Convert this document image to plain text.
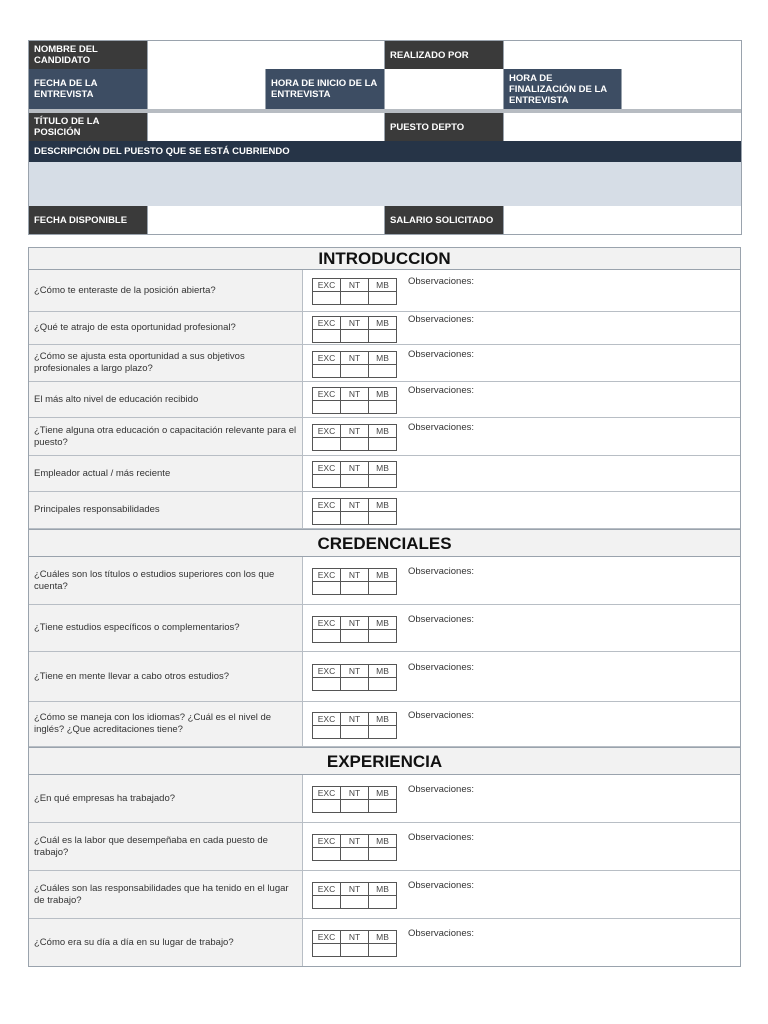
NOMBRE DEL CANDIDATO	REALIZADO POR
FECHA DE LA ENTREVISTA
HORA DE INICIO DE LA ENTREVISTA
HORA DE FINALIZACIÓN DE LA ENTREVISTA
TÍTULO DE LA POSICIÓN	PUESTO DEPTO
DESCRIPCIÓN DEL PUESTO QUE SE ESTÁ CUBRIENDO
FECHA DISPONIBLE	SALARIO SOLICITADO
INTRODUCCION
¿Cómo te enteraste de la posición abierta?	EXC	NT	MB
		Observaciones:
¿Qué te atrajo de esta oportunidad profesional?	EXC	NT	MB
		Observaciones:
¿Cómo se ajusta esta oportunidad a sus objetivos profesionales a largo plazo?
EXC	NT	MB
		Observaciones:
El más alto nivel de educación recibido	EXC	NT	MB
		Observaciones:
¿Tiene alguna otra educación o capacitación relevante para el puesto?
EXC	NT	MB
		Observaciones:
Empleador actual / más reciente	EXC	NT	MB

Principales responsabilidades	EXC	NT	MB

CREDENCIALES
¿Cuáles son los títulos o estudios superiores con los que cuenta?
EXC	NT	MB
		Observaciones:
¿Tiene estudios específicos o complementarios?	EXC	NT	MB
		Observaciones:
¿Tiene en mente llevar a cabo otros estudios?	EXC	NT	MB
		Observaciones:
¿Cómo se maneja con los idiomas? ¿Cuál es el nivel de inglés? ¿Que acreditaciones tiene?
EXC	NT	MB
		Observaciones:
EXPERIENCIA
¿En qué empresas ha trabajado?	EXC	NT	MB
		Observaciones:
¿Cuál es la labor que desempeñaba en cada puesto de trabajo?
EXC	NT	MB
		Observaciones:
¿Cuáles son las responsabilidades que ha tenido en el lugar de trabajo?
EXC	NT	MB
		Observaciones:
¿Cómo era su día a día en su lugar de trabajo?	EXC	NT	MB
		Observaciones:
